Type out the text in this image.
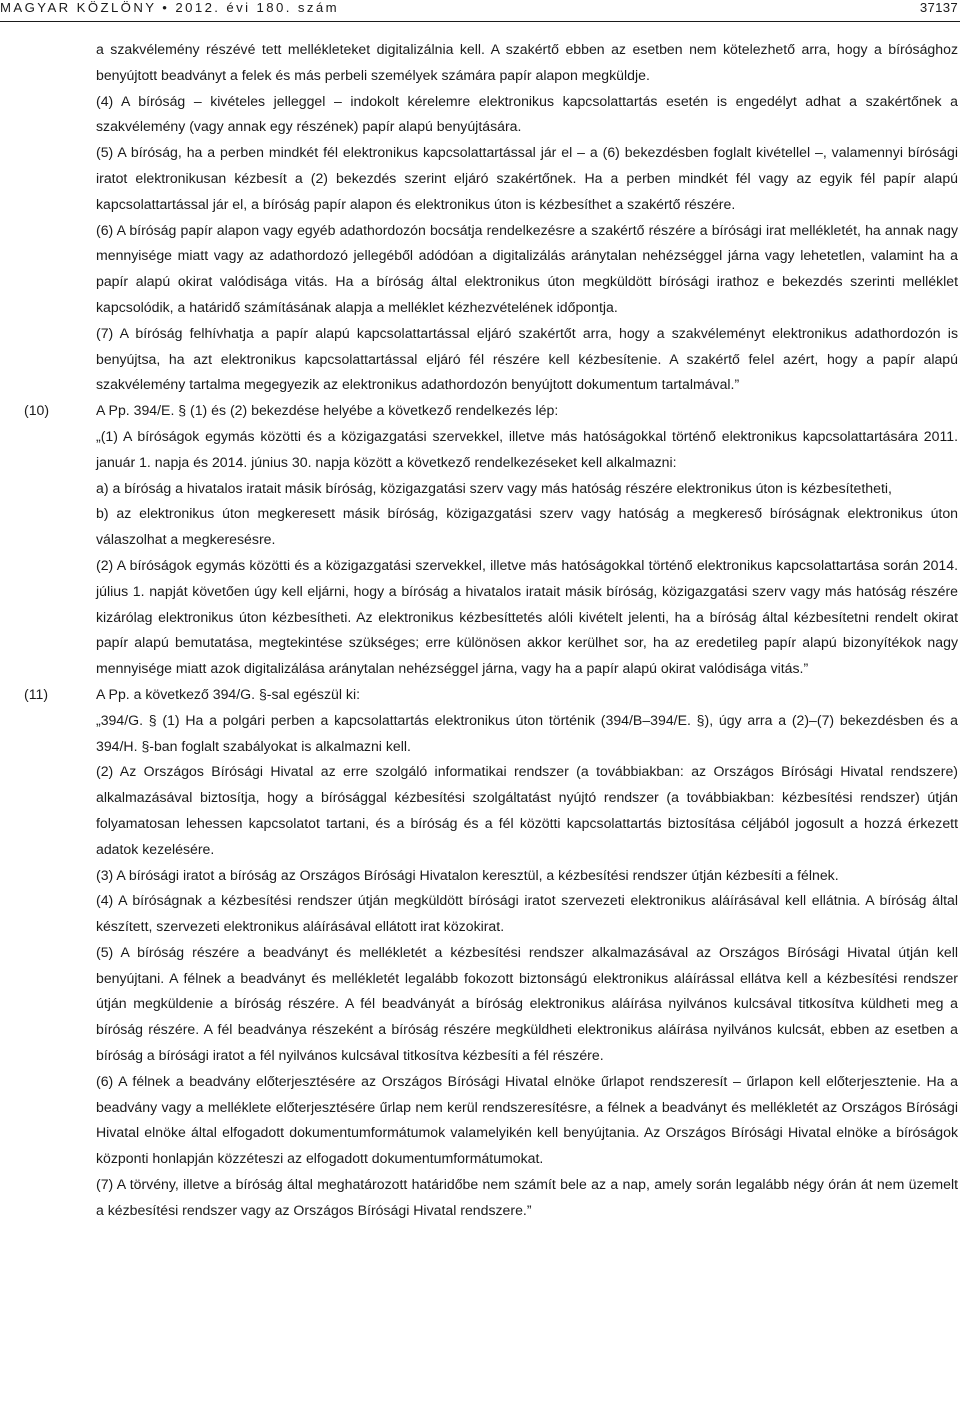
MAGYAR KÖZLÖNY • 2012. évi 180. szám	37137

a szakvélemény részévé tett mellékleteket digitalizálnia kell. A szakértő ebben az esetben nem kötelezhető arra, hogy a bírósághoz benyújtott beadványt a felek és más perbeli személyek számára papír alapon megküldje.

(4) A bíróság – kivételes jelleggel – indokolt kérelemre elektronikus kapcsolattartás esetén is engedélyt adhat a szakértőnek a szakvélemény (vagy annak egy részének) papír alapú benyújtására.

(5) A bíróság, ha a perben mindkét fél elektronikus kapcsolattartással jár el – a (6) bekezdésben foglalt kivétellel –, valamennyi bírósági iratot elektronikusan kézbesít a (2) bekezdés szerint eljáró szakértőnek. Ha a perben mindkét fél vagy az egyik fél papír alapú kapcsolattartással jár el, a bíróság papír alapon és elektronikus úton is kézbesíthet a szakértő részére.

(6) A bíróság papír alapon vagy egyéb adathordozón bocsátja rendelkezésre a szakértő részére a bírósági irat mellékletét, ha annak nagy mennyisége miatt vagy az adathordozó jellegéből adódóan a digitalizálás aránytalan nehézséggel járna vagy lehetetlen, valamint ha a papír alapú okirat valódisága vitás. Ha a bíróság által elektronikus úton megküldött bírósági irathoz e bekezdés szerinti melléklet kapcsolódik, a határidő számításának alapja a melléklet kézhezvételének időpontja.

(7) A bíróság felhívhatja a papír alapú kapcsolattartással eljáró szakértőt arra, hogy a szakvéleményt elektronikus adathordozón is benyújtsa, ha azt elektronikus kapcsolattartással eljáró fél részére kell kézbesítenie. A szakértő felel azért, hogy a papír alapú szakvélemény tartalma megegyezik az elektronikus adathordozón benyújtott dokumentum tartalmával.”

(10)	A Pp. 394/E. § (1) és (2) bekezdése helyébe a következő rendelkezés lép:

„(1) A bíróságok egymás közötti és a közigazgatási szervekkel, illetve más hatóságokkal történő elektronikus kapcsolattartására 2011. január 1. napja és 2014. június 30. napja között a következő rendelkezéseket kell alkalmazni:

a) a bíróság a hivatalos iratait másik bíróság, közigazgatási szerv vagy más hatóság részére elektronikus úton is kézbesítetheti,

b) az elektronikus úton megkeresett másik bíróság, közigazgatási szerv vagy hatóság a megkereső bíróságnak elektronikus úton válaszolhat a megkeresésre.

(2) A bíróságok egymás közötti és a közigazgatási szervekkel, illetve más hatóságokkal történő elektronikus kapcsolattartása során 2014. július 1. napját követően úgy kell eljárni, hogy a bíróság a hivatalos iratait másik bíróság, közigazgatási szerv vagy más hatóság részére kizárólag elektronikus úton kézbesítheti. Az elektronikus kézbesíttetés alóli kivételt jelenti, ha a bíróság által kézbesítetni rendelt okirat papír alapú bemutatása, megtekintése szükséges; erre különösen akkor kerülhet sor, ha az eredetileg papír alapú bizonyítékok nagy mennyisége miatt azok digitalizálása aránytalan nehézséggel járna, vagy ha a papír alapú okirat valódisága vitás.”

(11)	A Pp. a következő 394/G. §-sal egészül ki:

„394/G. § (1) Ha a polgári perben a kapcsolattartás elektronikus úton történik (394/B–394/E. §), úgy arra a (2)–(7) bekezdésben és a 394/H. §-ban foglalt szabályokat is alkalmazni kell.

(2) Az Országos Bírósági Hivatal az erre szolgáló informatikai rendszer (a továbbiakban: az Országos Bírósági Hivatal rendszere) alkalmazásával biztosítja, hogy a bírósággal kézbesítési szolgáltatást nyújtó rendszer (a továbbiakban: kézbesítési rendszer) útján folyamatosan lehessen kapcsolatot tartani, és a bíróság és a fél közötti kapcsolattartás biztosítása céljából jogosult a hozzá érkezett adatok kezelésére.

(3) A bírósági iratot a bíróság az Országos Bírósági Hivatalon keresztül, a kézbesítési rendszer útján kézbesíti a félnek.

(4) A bíróságnak a kézbesítési rendszer útján megküldött bírósági iratot szervezeti elektronikus aláírásával kell ellátnia. A bíróság által készített, szervezeti elektronikus aláírásával ellátott irat közokirat.

(5) A bíróság részére a beadványt és mellékletét a kézbesítési rendszer alkalmazásával az Országos Bírósági Hivatal útján kell benyújtani. A félnek a beadványt és mellékletét legalább fokozott biztonságú elektronikus aláírással ellátva kell a kézbesítési rendszer útján megküldenie a bíróság részére. A fél beadványát a bíróság elektronikus aláírása nyilvános kulcsával titkosítva küldheti meg a bíróság részére. A fél beadványa részeként a bíróság részére megküldheti elektronikus aláírása nyilvános kulcsát, ebben az esetben a bíróság a bírósági iratot a fél nyilvános kulcsával titkosítva kézbesíti a fél részére.

(6) A félnek a beadvány előterjesztésére az Országos Bírósági Hivatal elnöke űrlapot rendszeresít – űrlapon kell előterjesztenie. Ha a beadvány vagy a melléklete előterjesztésére űrlap nem kerül rendszeresítésre, a félnek a beadványt és mellékletét az Országos Bírósági Hivatal elnöke által elfogadott dokumentumformátumok valamelyikén kell benyújtania. Az Országos Bírósági Hivatal elnöke a bíróságok központi honlapján közzéteszi az elfogadott dokumentumformátumokat.

(7) A törvény, illetve a bíróság által meghatározott határidőbe nem számít bele az a nap, amely során legalább négy órán át nem üzemelt a kézbesítési rendszer vagy az Országos Bírósági Hivatal rendszere.”
